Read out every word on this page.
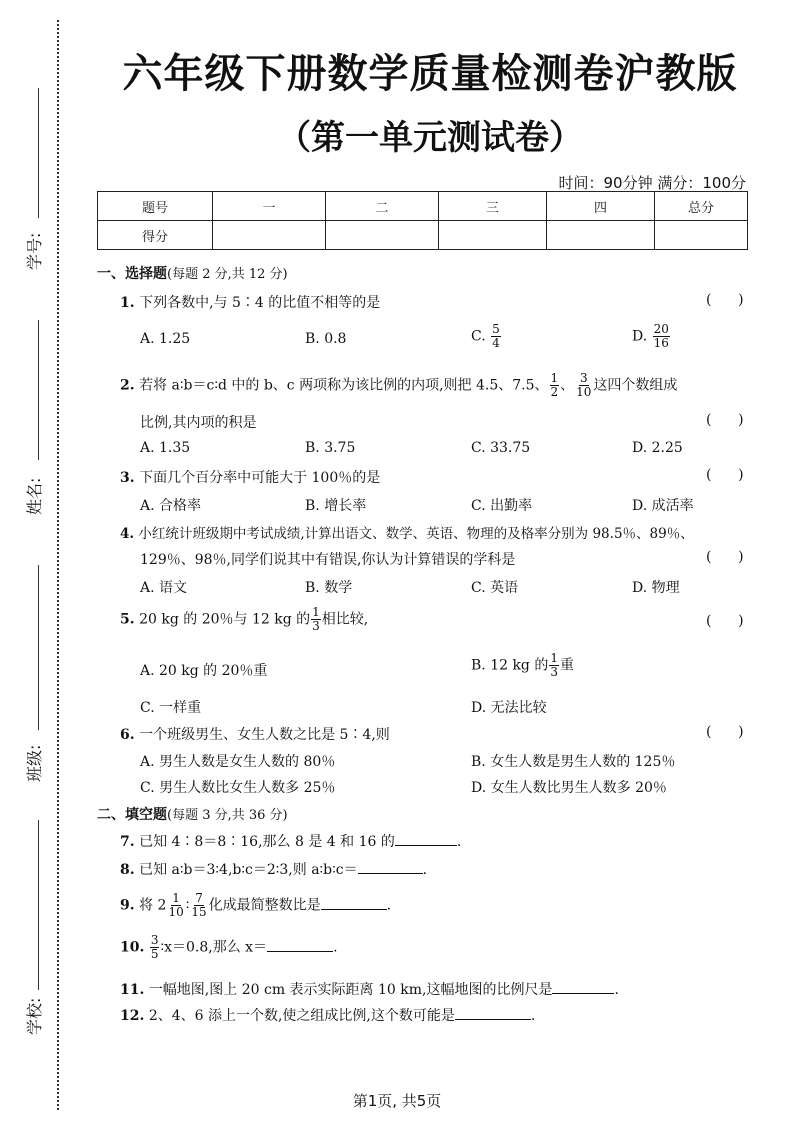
学号:
姓名:
班级:
学校:
六年级下册数学质量检测卷沪教版
（第一单元测试卷）
时间：90分钟 满分：100分
题号	一	二	三	四	总分
得分					
一、选择题(每题 2 分,共 12 分)
1. 下列各数中,与 5∶4 的比值不相等的是	(      )
A. 1.25	B. 0.8	C. $\frac{5}{4}$	D. $\frac{20}{16}$
2. 若将 a∶b＝c∶d 中的 b、c 两项称为该比例的内项,则把 4.5、7.5、 $\frac{1}{2}$ 、 $\frac{3}{10}$ 这四个数组成
比例,其内项的积是	(      )
A. 1.35	B. 3.75	C. 33.75	D. 2.25
3. 下面几个百分率中可能大于 100％的是	(      )
A. 合格率	B. 增长率	C. 出勤率	D. 成活率
4. 小红统计班级期中考试成绩,计算出语文、数学、英语、物理的及格率分别为 98.5％、89％、
129％、98％,同学们说其中有错误,你认为计算错误的学科是	(      )
A. 语文	B. 数学	C. 英语	D. 物理
5. 20 kg 的 20％与 12 kg 的 $\frac{1}{3}$ 相比较,	(      )
A. 20 kg 的 20％重	B. 12 kg 的 $\frac{1}{3}$ 重
C. 一样重	D. 无法比较
6. 一个班级男生、女生人数之比是 5∶4,则	(      )
A. 男生人数是女生人数的 80％	B. 女生人数是男生人数的 125％
C. 男生人数比女生人数多 25％	D. 女生人数比男生人数多 20％
二、填空题(每题 3 分,共 36 分)
7. 已知 4∶8＝8∶16,那么 8 是 4 和 16 的	.
8. 已知 a∶b＝3∶4,b∶c＝2∶3,则 a∶b∶c＝	.
9. 将 $2 \frac{1}{10}$ ∶ $\frac{7}{15}$ 化成最简整数比是	.
10. $\frac{3}{5}$ ∶x＝0.8,那么 x＝	.
11. 一幅地图,图上 20 cm 表示实际距离 10 km,这幅地图的比例尺是	.
12. 2、4、6 添上一个数,使之组成比例,这个数可能是	.
第1页, 共5页
